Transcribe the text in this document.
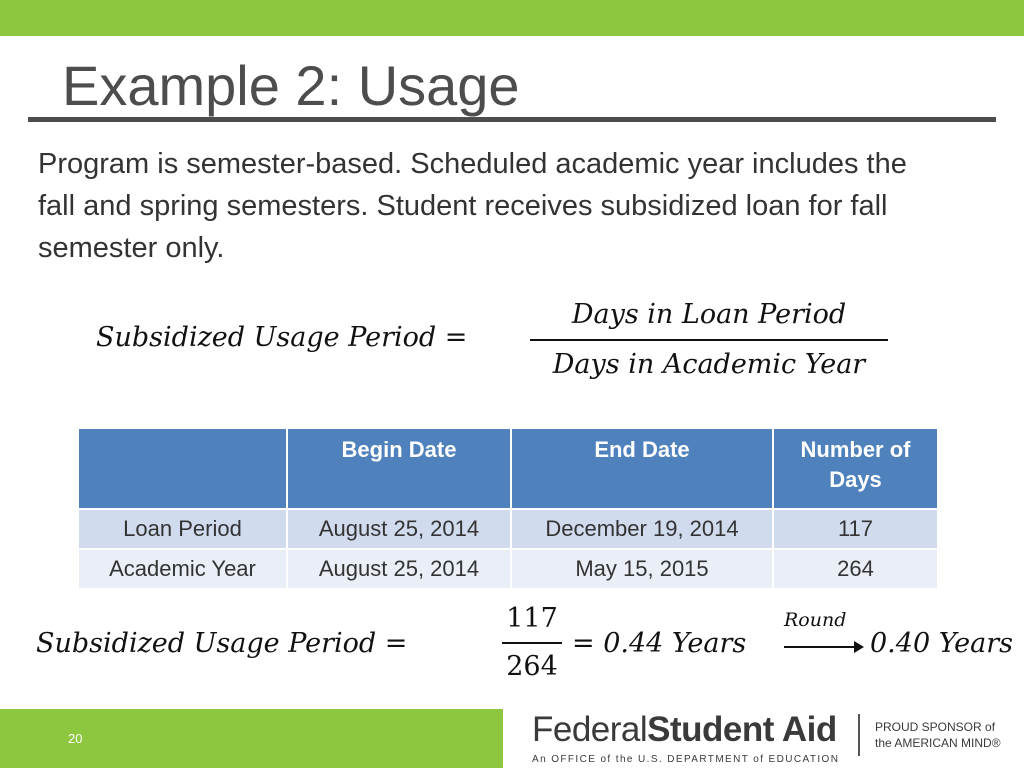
Example 2: Usage

Program is semester-based. Scheduled academic year includes the fall and spring semesters. Student receives subsidized loan for fall semester only.

Subsidized Usage Period =
Days in Loan Period
Days in Academic Year
	Begin Date	End Date	Number of Days
Loan Period	August 25, 2014	December 19, 2014	117
Academic Year	August 25, 2014	May 15, 2015	264
Subsidized Usage Period =
117
264
= 0.44 Years
Round
0.40 Years
20	FederalStudent Aid
An OFFICE of the U.S. DEPARTMENT of EDUCATION
PROUD SPONSOR of
the AMERICAN MIND®
